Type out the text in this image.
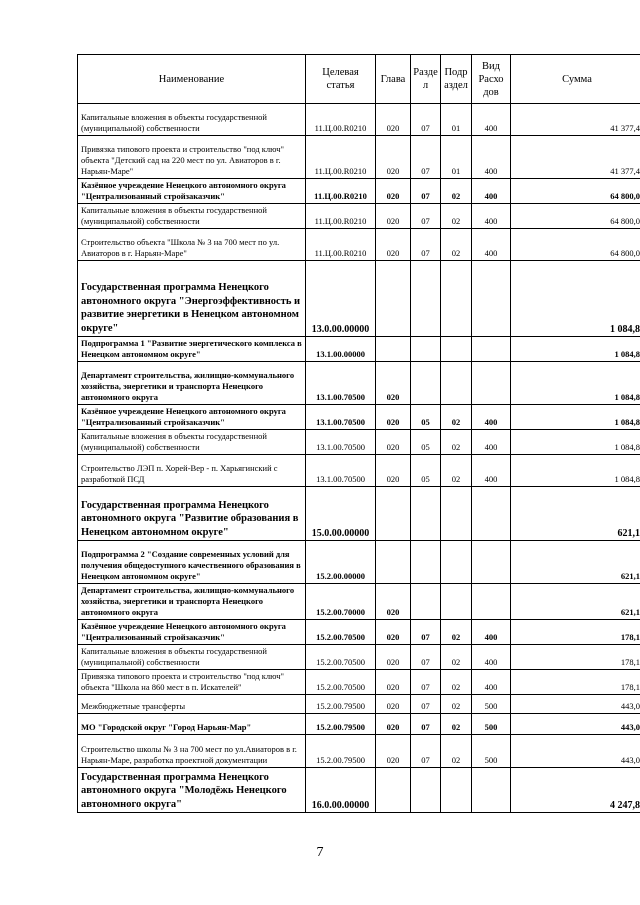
Наименование	Целевая статья	Глава	Разде л	Подр аздел	Вид Расхо дов	Сумма
Капитальные вложения в объекты государственной (муниципальной) собственности	11.Ц.00.R0210	020	07	01	400	41 377,4
Привязка типового проекта и строительство "под ключ" объекта "Детский сад на 220 мест по ул. Авиаторов в г. Нарьян-Маре"	11.Ц.00.R0210	020	07	01	400	41 377,4
Казённое учреждение Ненецкого автономного округа "Централизованный стройзаказчик"	11.Ц.00.R0210	020	07	02	400	64 800,0
Капитальные вложения в объекты государственной (муниципальной) собственности	11.Ц.00.R0210	020	07	02	400	64 800,0
Строительство объекта "Школа № 3 на 700 мест по ул. Авиаторов в г. Нарьян-Маре"	11.Ц.00.R0210	020	07	02	400	64 800,0
Государственная программа Ненецкого автономного округа "Энергоэффективность и развитие энергетики в Ненецком автономном округе"	13.0.00.00000					1 084,8
Подпрограмма 1 "Развитие энергетического комплекса в Ненецком автономном округе"	13.1.00.00000					1 084,8
Департамент строительства, жилищно-коммунального хозяйства, энергетики и транспорта Ненецкого автономного округа	13.1.00.70500	020				1 084,8
Казённое учреждение Ненецкого автономного округа "Централизованный стройзаказчик"	13.1.00.70500	020	05	02	400	1 084,8
Капитальные вложения в объекты государственной (муниципальной) собственности	13.1.00.70500	020	05	02	400	1 084,8
Строительство ЛЭП п. Хорей-Вер - п. Харьягинский с разработкой ПСД	13.1.00.70500	020	05	02	400	1 084,8
Государственная программа Ненецкого автономного округа "Развитие образования в Ненецком автономном округе"	15.0.00.00000					621,1
Подпрограмма 2 "Создание современных условий для получения общедоступного качественного образования в Ненецком автономном округе"	15.2.00.00000					621,1
Департамент строительства, жилищно-коммунального хозяйства, энергетики и транспорта Ненецкого автономного округа	15.2.00.70000	020				621,1
Казённое учреждение Ненецкого автономного округа "Централизованный стройзаказчик"	15.2.00.70500	020	07	02	400	178,1
Капитальные вложения в объекты государственной (муниципальной) собственности	15.2.00.70500	020	07	02	400	178,1
Привязка типового проекта и строительство "под ключ" объекта "Школа на 860 мест в п. Искателей"	15.2.00.70500	020	07	02	400	178,1
Межбюджетные трансферты	15.2.00.79500	020	07	02	500	443,0
МО "Городской округ "Город Нарьян-Мар"	15.2.00.79500	020	07	02	500	443,0
Строительство школы № 3 на 700 мест по ул.Авиаторов в г. Нарьян-Маре, разработка проектной документации	15.2.00.79500	020	07	02	500	443,0
Государственная программа Ненецкого автономного округа "Молодёжь Ненецкого автономного округа"	16.0.00.00000					4 247,8
7
